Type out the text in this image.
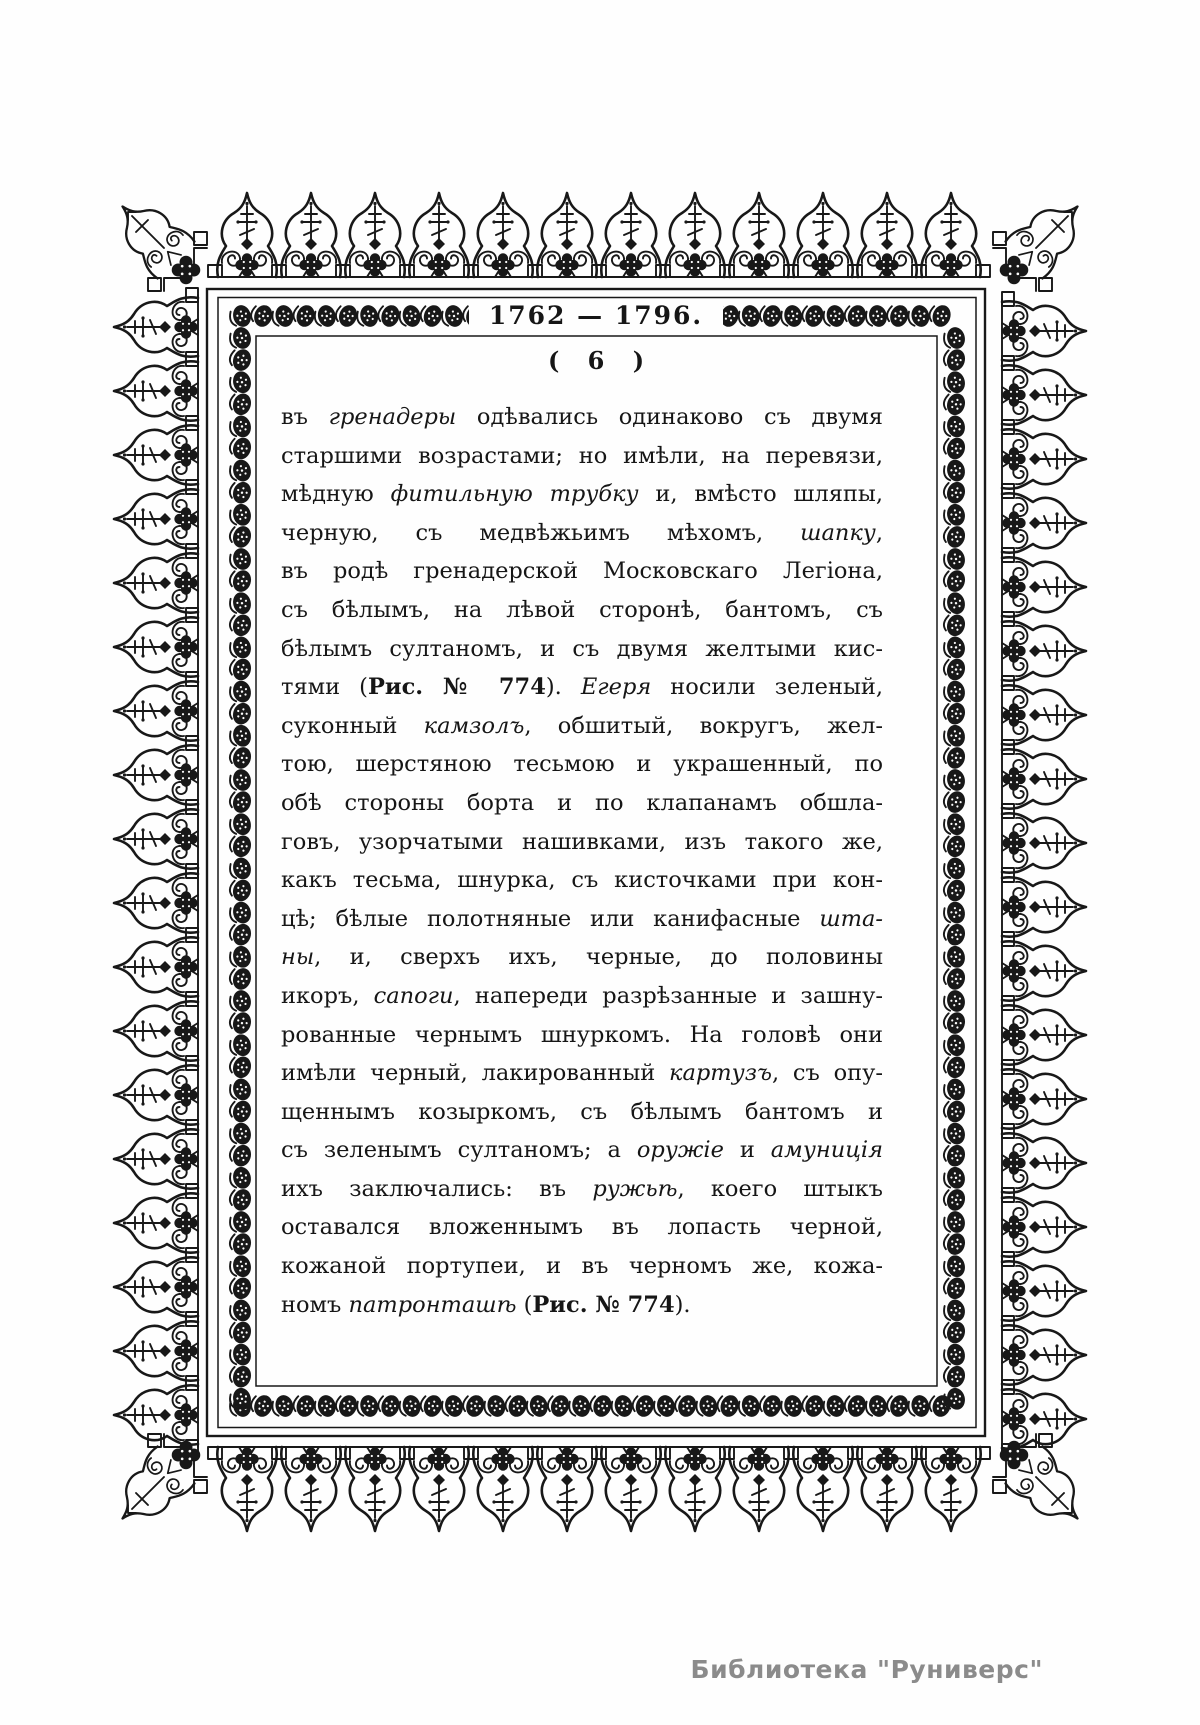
1762 — 1796.
( 6 )
въ гренадеры одѣвались одинаково съ двумя
старшими возрастами; но имѣли, на перевязи,
мѣдную фитильную трубку и, вмѣсто шляпы,
черную, съ медвѣжьимъ мѣхомъ, шапку,
въ родѣ гренадерской Московскаго Легіона,
съ бѣлымъ, на лѣвой сторонѣ, бантомъ, съ
бѣлымъ султаномъ, и съ двумя желтыми кис-
тями (Рис. № 774). Егеря носили зеленый,
суконный камзолъ, обшитый, вокругъ, жел-
тою, шерстяною тесьмою и украшенный, по
обѣ стороны борта и по клапанамъ обшла-
говъ, узорчатыми нашивками, изъ такого же,
какъ тесьма, шнурка, съ кисточками при кон-
цѣ; бѣлые полотняные или канифасные шта-
ны, и, сверхъ ихъ, черные, до половины
икоръ, сапоги, напереди разрѣзанные и зашну-
рованные чернымъ шнуркомъ. На головѣ они
имѣли черный, лакированный картузъ, съ опу-
щеннымъ козыркомъ, съ бѣлымъ бантомъ и
съ зеленымъ султаномъ; а оружіе и амуниція
ихъ заключались: въ ружьѣ, коего штыкъ
оставался вложеннымъ въ лопасть черной,
кожаной портупеи, и въ черномъ же, кожа-
номъ патронташѣ (Рис. № 774).
Библиотека "Руниверс"
